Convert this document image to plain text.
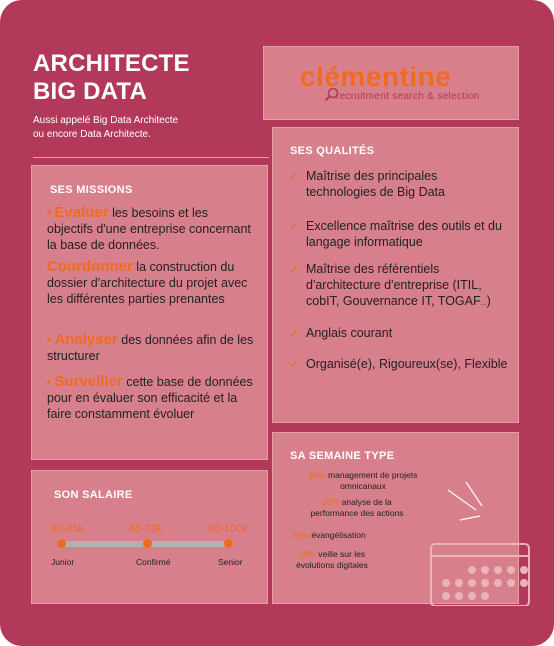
ARCHITECTE
BIG DATA
Aussi appelé Big Data Architecte
ou encore Data Architecte.
clémentine
recruitment search & selection
SES MISSIONS
• Évaluer les besoins et les objectifs d'une entreprise concernant la base de données.
Coordonner la construction du dossier d'architecture du projet avec les différentes parties prenantes
• Analyser des données afin de les structurer
• Surveiller cette base de données pour en évaluer son efficacité et la faire constamment évoluer
SES QUALITÉS
✓ Maîtrise des principales technologies de Big Data
✓ Excellence maîtrise des outils et du langage informatique
✓ Maîtrise des référentiels d'architecture d'entreprise (ITIL, cobIT, Gouvernance IT, TOGAF…)
✓ Anglais courant
✓ Organisé(e), Rigoureux(se), Flexible
SON SALAIRE
40-45k	60-70k	80-100k
Junior	Confirmé	Senior
SA SEMAINE TYPE
40% management de projets
omnicanaux
20% analyse de la
performance des actions
20% évangélisation
20% veille sur les
évolutions digitales
